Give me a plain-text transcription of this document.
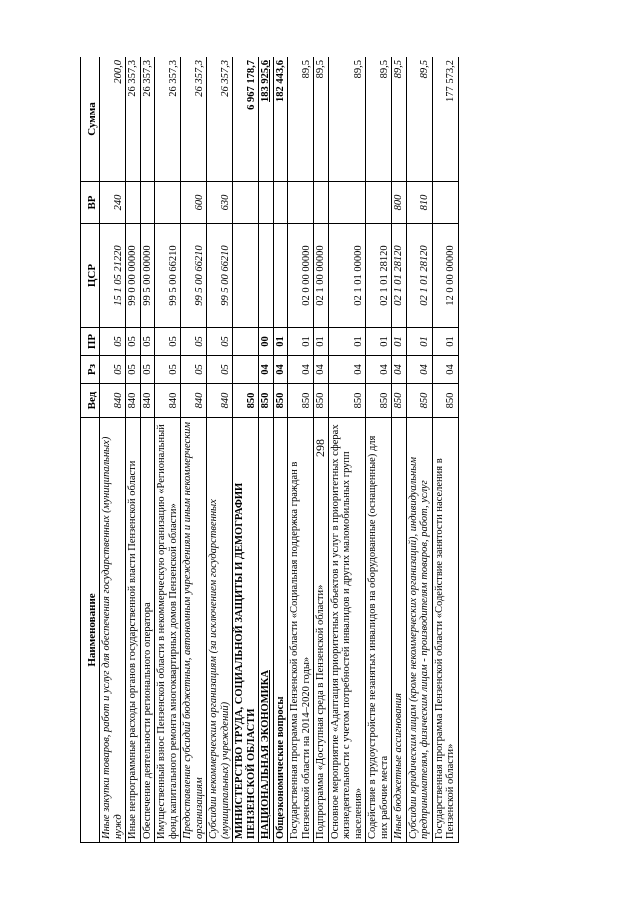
298
Наименование	Вед	Рз	ПР	ЦСР	ВР	Сумма
Иные закупки товаров, работ и услуг для обеспечения государственных (муниципальных) нужд	840	05	05	15 1 05 21220	240	200,0
Иные непрограммные расходы органов государственной власти Пензенской области	840	05	05	99 0 00 00000		26 357,3
Обеспечение деятельности регионального оператора	840	05	05	99 5 00 00000		26 357,3
Имущественный взнос Пензенской области в некоммерческую организацию «Региональный фонд капитального ремонта многоквартирных домов Пензенской области»	840	05	05	99 5 00 66210		26 357,3
Предоставление субсидий бюджетным, автономным учреждениям и иным некоммерческим организациям	840	05	05	99 5 00 66210	600	26 357,3
Субсидии некоммерческим организациям (за исключением государственных (муниципальных) учреждений)	840	05	05	99 5 00 66210	630	26 357,3
МИНИСТЕРСТВО ТРУДА, СОЦИАЛЬНОЙ ЗАЩИТЫ И ДЕМОГРАФИИ ПЕНЗЕНСКОЙ ОБЛАСТИ	850					6 967 178,7
НАЦИОНАЛЬНАЯ ЭКОНОМИКА	850	04	00			183 925,6
Общеэкономические вопросы	850	04	01			182 443,6
Государственная программа Пензенской области «Социальная поддержка граждан в Пензенской области на 2014–2020 годы»	850	04	01	02 0 00 00000		89,5
Подпрограмма «Доступная среда в Пензенской области»	850	04	01	02 1 00 00000		89,5
Основное мероприятие «Адаптация приоритетных объектов и услуг в приоритетных сферах жизнедеятельности с учетом потребностей инвалидов и других маломобильных групп населения»	850	04	01	02 1 01 00000		89,5
Содействие в трудоустройстве незанятых инвалидов на оборудованные (оснащенные) для них рабочие места	850	04	01	02 1 01 28120		89,5
Иные бюджетные ассигнования	850	04	01	02 1 01 28120	800	89,5
Субсидии юридическим лицам (кроме некоммерческих организаций), индивидуальным предпринимателям, физическим лицам - производителям товаров, работ, услуг	850	04	01	02 1 01 28120	810	89,5
Государственная программа Пензенской области «Содействие занятости населения в Пензенской области»	850	04	01	12 0 00 00000		177 573,2
